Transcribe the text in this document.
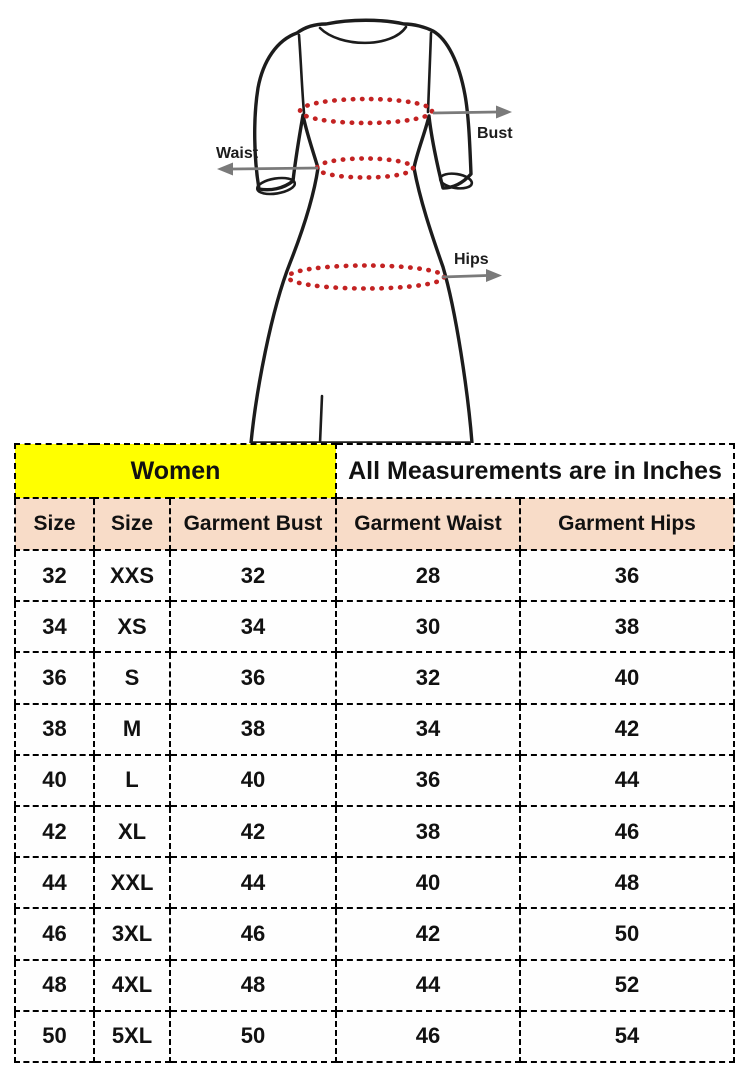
Bust
Waist
Hips
Women			All Measurements are in Inches	
Size	Size	Garment Bust	Garment Waist	Garment Hips
32	XXS	32	28	36
34	XS	34	30	38
36	S	36	32	40
38	M	38	34	42
40	L	40	36	44
42	XL	42	38	46
44	XXL	44	40	48
46	3XL	46	42	50
48	4XL	48	44	52
50	5XL	50	46	54
